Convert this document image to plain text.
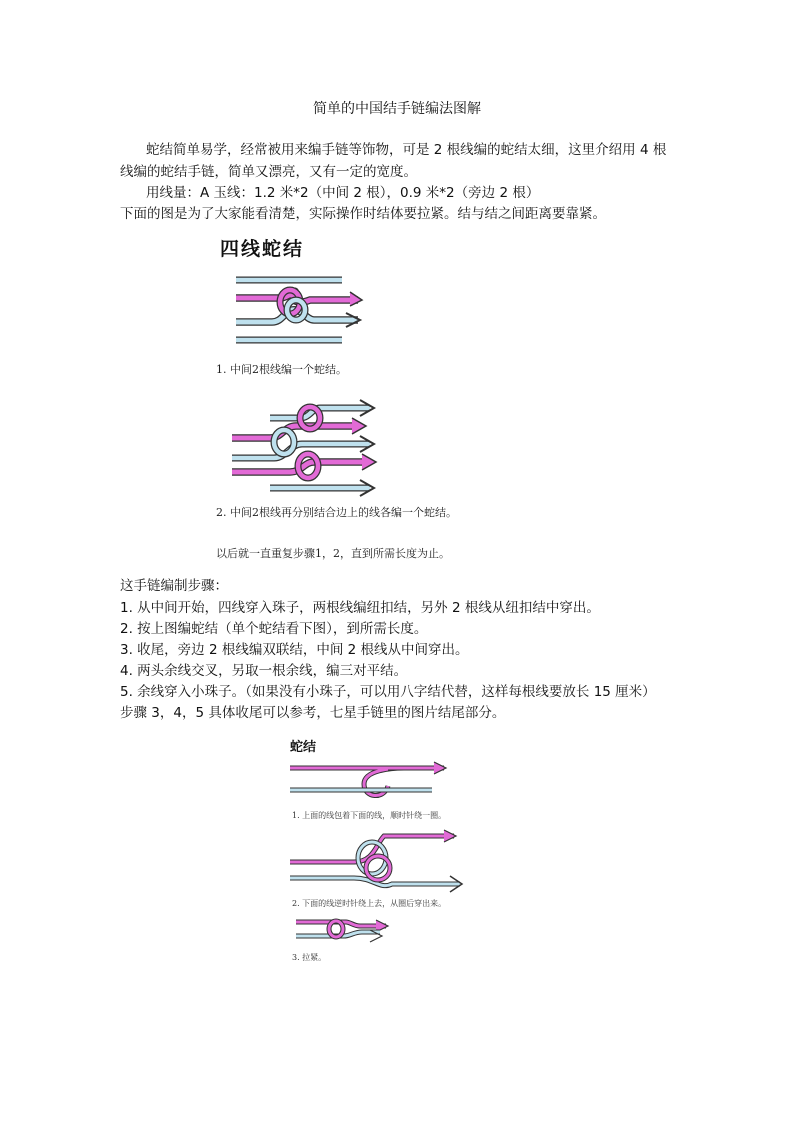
简单的中国结手链编法图解
蛇结简单易学，经常被用来编手链等饰物，可是 2 根线编的蛇结太细，这里介绍用 4 根
线编的蛇结手链，简单又漂亮，又有一定的宽度。
用线量：A 玉线：1.2 米*2（中间 2 根），0.9 米*2（旁边 2 根）
下面的图是为了大家能看清楚，实际操作时结体要拉紧。结与结之间距离要靠紧。
四线蛇结
1. 中间2根线编一个蛇结。
2. 中间2根线再分别结合边上的线各编一个蛇结。
以后就一直重复步骤1，2，直到所需长度为止。
这手链编制步骤：
1. 从中间开始，四线穿入珠子，两根线编纽扣结，另外 2 根线从纽扣结中穿出。
2. 按上图编蛇结（单个蛇结看下图），到所需长度。
3. 收尾，旁边 2 根线编双联结，中间 2 根线从中间穿出。
4. 两头余线交叉，另取一根余线，编三对平结。
5. 余线穿入小珠子。（如果没有小珠子，可以用八字结代替，这样每根线要放长 15 厘米）
步骤 3，4，5 具体收尾可以参考，七星手链里的图片结尾部分。
蛇结
1. 上面的线包着下面的线，顺时针绕一圈。
2. 下面的线逆时针绕上去，从圈后穿出来。
3. 拉紧。
